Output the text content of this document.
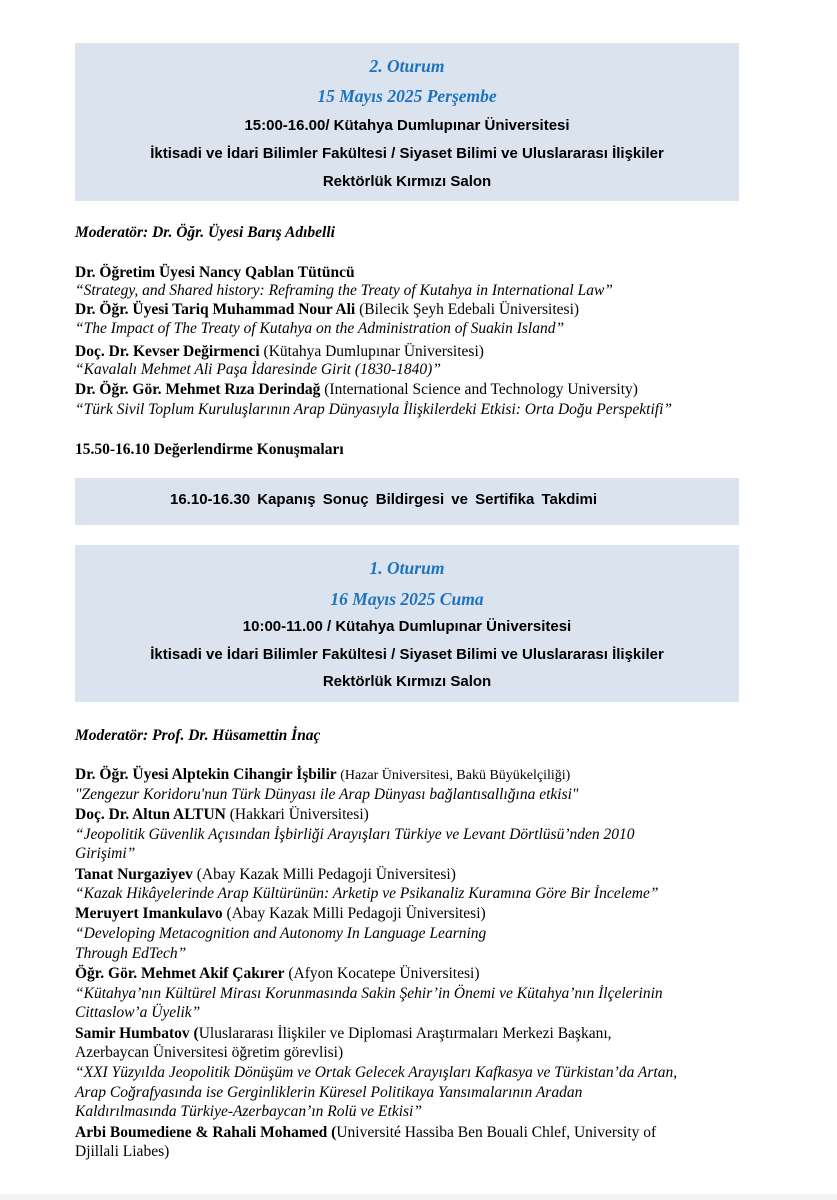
2. Oturum
15 Mayıs 2025 Perşembe
15:00-16.00/ Kütahya Dumlupınar Üniversitesi
İktisadi ve İdari Bilimler Fakültesi / Siyaset Bilimi ve Uluslararası İlişkiler
Rektörlük Kırmızı Salon
Moderatör: Dr. Öğr. Üyesi Barış Adıbelli
Dr. Öğretim Üyesi Nancy Qablan Tütüncü
“Strategy, and Shared history: Reframing the Treaty of Kutahya in International Law”
Dr. Öğr. Üyesi Tariq Muhammad Nour Ali (Bilecik Şeyh Edebali Üniversitesi)
“The Impact of The Treaty of Kutahya on the Administration of Suakin Island”
Doç. Dr. Kevser Değirmenci (Kütahya Dumlupınar Üniversitesi)
“Kavalalı Mehmet Ali Paşa İdaresinde Girit (1830-1840)”
Dr. Öğr. Gör. Mehmet Rıza Derindağ (International Science and Technology University)
“Türk Sivil Toplum Kuruluşlarının Arap Dünyasıyla İlişkilerdeki Etkisi: Orta Doğu Perspektifi”
15.50-16.10 Değerlendirme Konuşmaları
16.10-16.30 Kapanış Sonuç Bildirgesi ve Sertifika Takdimi
1. Oturum
16 Mayıs 2025 Cuma
10:00-11.00 / Kütahya Dumlupınar Üniversitesi
İktisadi ve İdari Bilimler Fakültesi / Siyaset Bilimi ve Uluslararası İlişkiler
Rektörlük Kırmızı Salon
Moderatör: Prof. Dr. Hüsamettin İnaç
Dr. Öğr. Üyesi Alptekin Cihangir İşbilir (Hazar Üniversitesi, Bakü Büyükelçiliği)
"Zengezur Koridoru'nun Türk Dünyası ile Arap Dünyası bağlantısallığına etkisi"
Doç. Dr. Altun ALTUN (Hakkari Üniversitesi)
“Jeopolitik Güvenlik Açısından İşbirliği Arayışları Türkiye ve Levant Dörtlüsü’nden 2010
Girişimi”
Tanat Nurgaziyev (Abay Kazak Milli Pedagoji Üniversitesi)
“Kazak Hikâyelerinde Arap Kültürünün: Arketip ve Psikanaliz Kuramına Göre Bir İnceleme”
Meruyert Imankulavo (Abay Kazak Milli Pedagoji Üniversitesi)
“Developing Metacognition and Autonomy In Language Learning
Through EdTech”
Öğr. Gör. Mehmet Akif Çakırer (Afyon Kocatepe Üniversitesi)
“Kütahya’nın Kültürel Mirası Korunmasında Sakin Şehir’in Önemi ve Kütahya’nın İlçelerinin
Cittaslow’a Üyelik”
Samir Humbatov (Uluslararası İlişkiler ve Diplomasi Araştırmaları Merkezi Başkanı,
Azerbaycan Üniversitesi öğretim görevlisi)
“XXI Yüzyılda Jeopolitik Dönüşüm ve Ortak Gelecek Arayışları Kafkasya ve Türkistan’da Artan,
Arap Coğrafyasında ise Gerginliklerin Küresel Politikaya Yansımalarının Aradan
Kaldırılmasında Türkiye-Azerbaycan’ın Rolü ve Etkisi”
Arbi Boumediene & Rahali Mohamed (Université Hassiba Ben Bouali Chlef, University of
Djillali Liabes)
